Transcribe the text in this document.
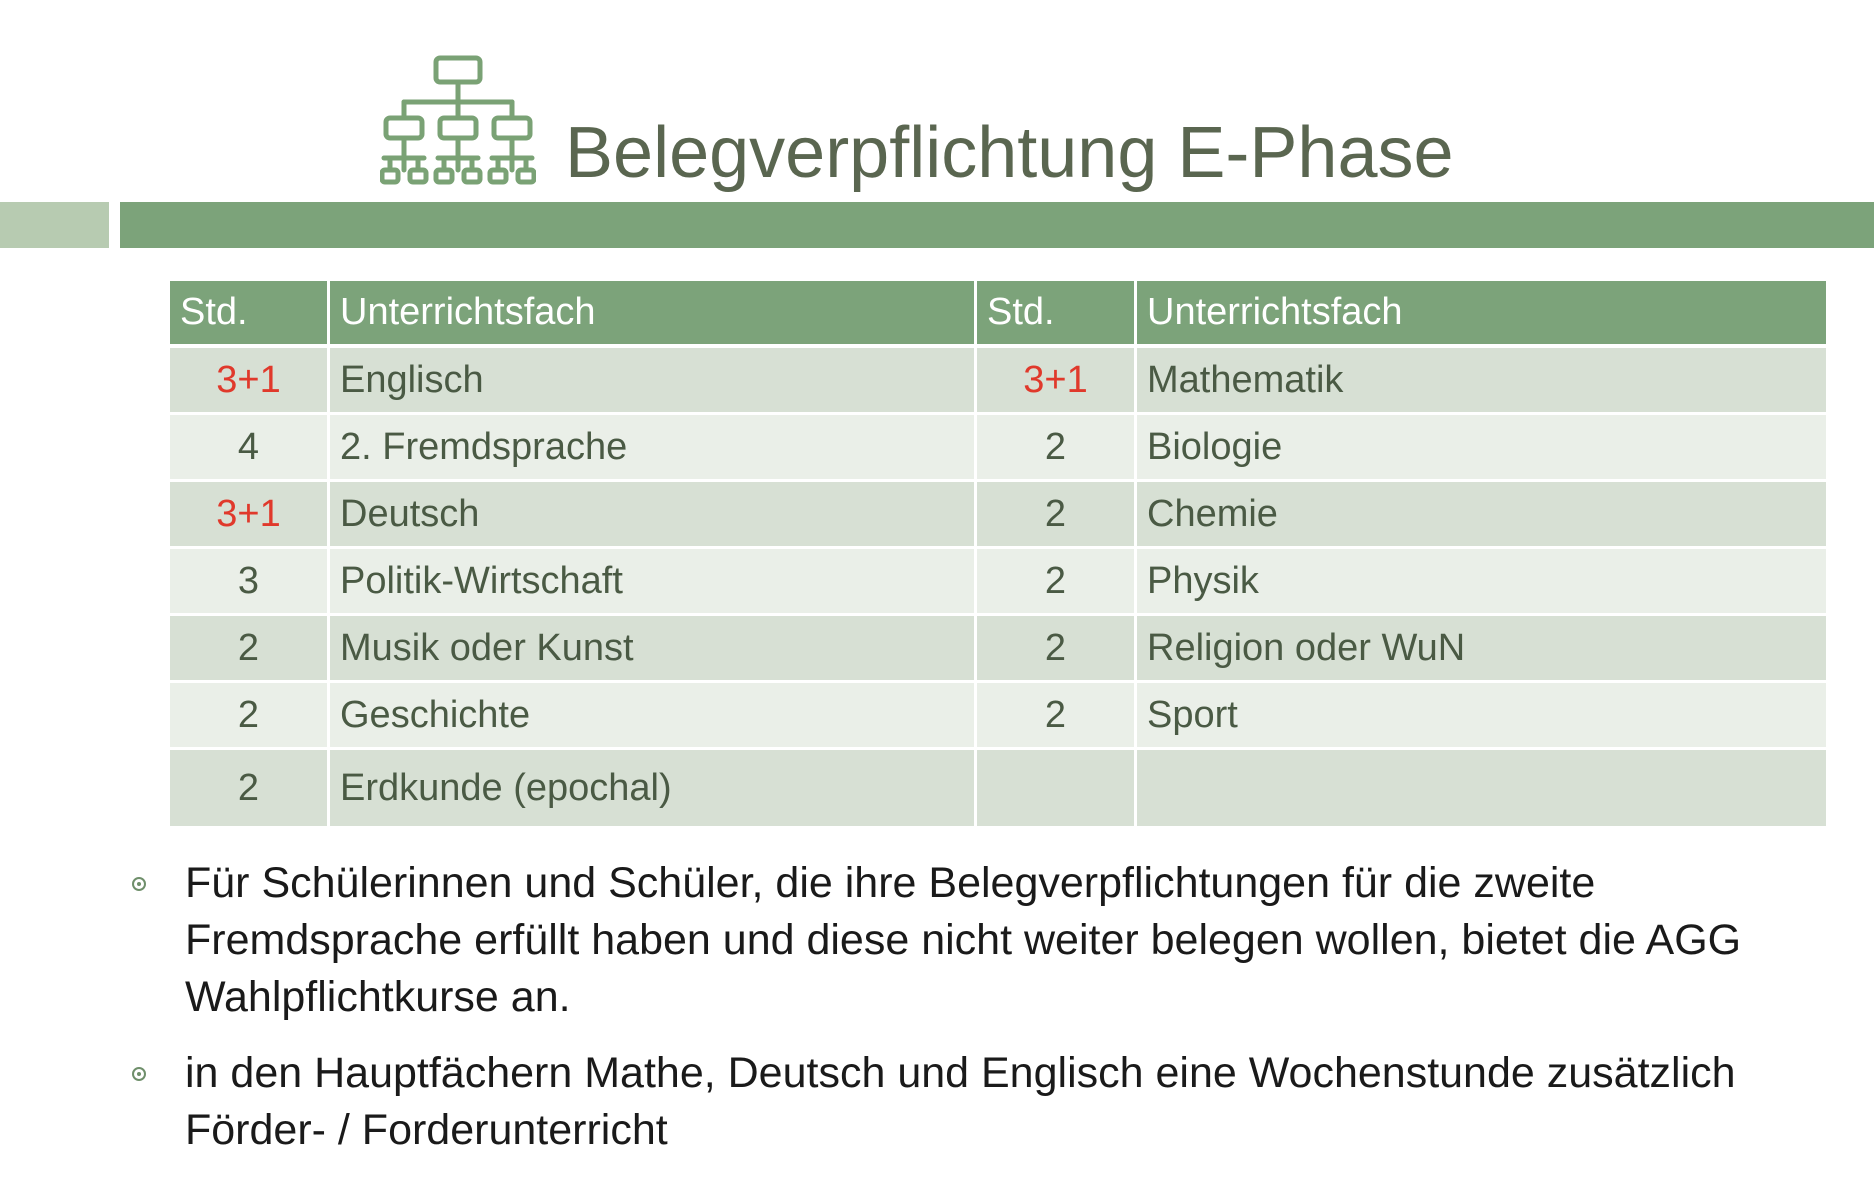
Belegverpflichtung E-Phase
Std.	Unterrichtsfach	Std.	Unterrichtsfach
3+1	Englisch	3+1	Mathematik
4	2. Fremdsprache	2	Biologie
3+1	Deutsch	2	Chemie
3	Politik-Wirtschaft	2	Physik
2	Musik oder Kunst	2	Religion oder WuN
2	Geschichte	2	Sport
2	Erdkunde (epochal)		
Für Schülerinnen und Schüler, die ihre Belegverpflichtungen für die zweite Fremdsprache erfüllt haben und diese nicht weiter belegen wollen, bietet die AGG Wahlpflichtkurse an.
in den Hauptfächern Mathe, Deutsch und Englisch eine Wochenstunde zusätzlich Förder- / Forderunterricht
